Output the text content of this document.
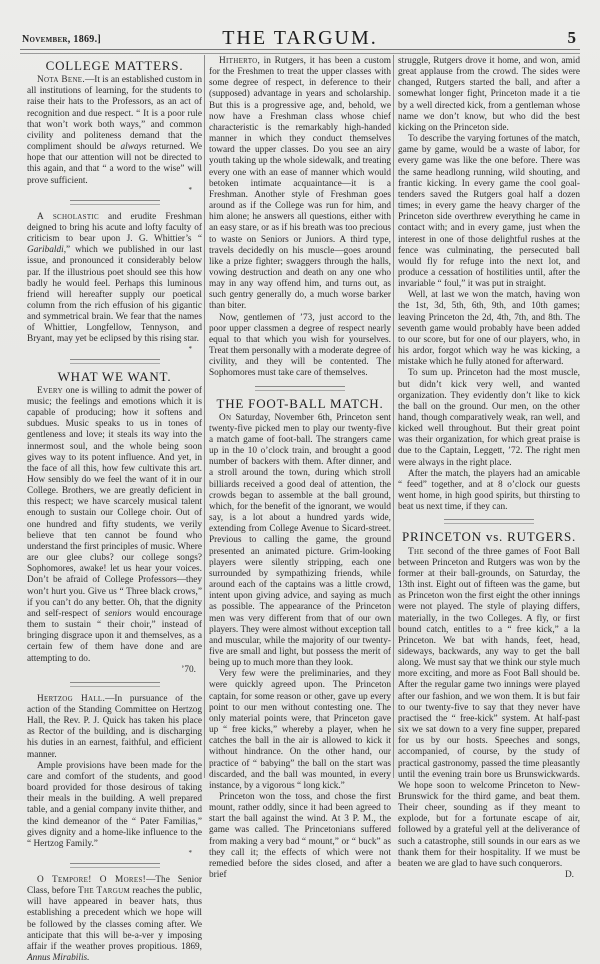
November, 1869.]	THE TARGUM.	5
COLLEGE MATTERS.

Nota Bene.—It is an established custom in all institutions of learning, for the students to raise their hats to the Professors, as an act of recognition and due respect. “ It is a poor rule that won’t work both ways,” and common civility and politeness demand that the compliment should be always returned. We hope that our attention will not be directed to this again, and that “ a word to the wise” will prove sufficient.

*

A scholastic and erudite Freshman deigned to bring his acute and lofty faculty of criticism to bear upon J. G. Whittier’s “ Garibaldi,” which we published in our last issue, and pronounced it considerably below par. If the illustrious poet should see this how badly he would feel. Perhaps this luminous friend will hereafter supply our poetical column from the rich effusion of his gigantic and symmetrical brain. We fear that the names of Whittier, Longfellow, Tennyson, and Bryant, may yet be eclipsed by this rising star.

*
WHAT WE WANT.

Every one is willing to admit the power of music; the feelings and emotions which it is capable of producing; how it softens and subdues. Music speaks to us in tones of gentleness and love; it steals its way into the innermost soul, and the whole being soon gives way to its potent influence. And yet, in the face of all this, how few cultivate this art. How sensibly do we feel the want of it in our College. Brothers, we are greatly deficient in this respect; we have scarcely musical talent enough to sustain our College choir. Out of one hundred and fifty students, we verily believe that ten cannot be found who understand the first principles of music. Where are our glee clubs? our college songs? Sophomores, awake! let us hear your voices. Don’t be afraid of College Professors—they won’t hurt you. Give us “ Three black crows,” if you can’t do any better. Oh, that the dignity and self-respect of seniors would encourage them to sustain “ their choir,” instead of bringing disgrace upon it and themselves, as a certain few of them have done and are attempting to do.

’70.

Hertzog Hall.—In pursuance of the action of the Standing Committee on Hertzog Hall, the Rev. P. J. Quick has taken his place as Rector of the building, and is discharging his duties in an earnest, faithful, and efficient manner.

Ample provisions have been made for the care and comfort of the students, and good board provided for those desirous of taking their meals in the building. A well prepared table, and a genial company invite thither, and the kind demeanor of the “ Pater Familias,” gives dignity and a home-like influence to the “ Hertzog Family.”

*

O Tempore! O Mores!—The Senior Class, before The Targum reaches the public, will have appeared in beaver hats, thus establishing a precedent which we hope will be followed by the classes coming after. We anticipate that this will be-a-ver y imposing affair if the weather proves propitious. 1869, Annus Mirabilis.

Hitherto, in Rutgers, it has been a custom for the Freshmen to treat the upper classes with some degree of respect, in deference to their (supposed) advantage in years and scholarship. But this is a progressive age, and, behold, we now have a Freshman class whose chief characteristic is the remarkably high-handed manner in which they conduct themselves toward the upper classes. Do you see an airy youth taking up the whole sidewalk, and treating every one with an ease of manner which would betoken intimate acquaintance—it is a Freshman. Another style of Freshman goes around as if the College was run for him, and him alone; he answers all questions, either with an easy stare, or as if his breath was too precious to waste on Seniors or Juniors. A third type, travels decidedly on his muscle—goes around like a prize fighter; swaggers through the halls, vowing destruction and death on any one who may in any way offend him, and turns out, as such gentry generally do, a much worse barker than biter.

Now, gentlemen of ’73, just accord to the poor upper classmen a degree of respect nearly equal to that which you wish for yourselves. Treat them personally with a moderate degree of civility, and they will be contented. The Sophomores must take care of themselves.

THE FOOT-BALL MATCH.

On Saturday, November 6th, Princeton sent twenty-five picked men to play our twenty-five a match game of foot-ball. The strangers came up in the 10 o’clock train, and brought a good number of backers with them. After dinner, and a stroll around the town, during which stroll billiards received a good deal of attention, the crowds began to assemble at the ball ground, which, for the benefit of the ignorant, we would say, is a lot about a hundred yards wide, extending from College Avenue to Sicard-street. Previous to calling the game, the ground presented an animated picture. Grim-looking players were silently stripping, each one surrounded by sympathizing friends, while around each of the captains was a little crowd, intent upon giving advice, and saying as much as possible. The appearance of the Princeton men was very different from that of our own players. They were almost without exception tall and muscular, while the majority of our twenty-five are small and light, but possess the merit of being up to much more than they look.

Very few were the preliminaries, and they were quickly agreed upon. The Princeton captain, for some reason or other, gave up every point to our men without contesting one. The only material points were, that Princeton gave up “ free kicks,” whereby a player, when he catches the ball in the air is allowed to kick it without hindrance. On the other hand, our practice of “ babying” the ball on the start was discarded, and the ball was mounted, in every instance, by a vigorous “ long kick.”

Princeton won the toss, and chose the first mount, rather oddly, since it had been agreed to start the ball against the wind. At 3 P. M., the game was called. The Princetonians suffered from making a very bad “ mount,” or “ buck” as they call it; the effects of which were not remedied before the sides closed, and after a brief

struggle, Rutgers drove it home, and won, amid great applause from the crowd. The sides were changed, Rutgers started the ball, and after a somewhat longer fight, Princeton made it a tie by a well directed kick, from a gentleman whose name we don’t know, but who did the best kicking on the Princeton side.

To describe the varying fortunes of the match, game by game, would be a waste of labor, for every game was like the one before. There was the same headlong running, wild shouting, and frantic kicking. In every game the cool goal-tenders saved the Rutgers goal half a dozen times; in every game the heavy charger of the Princeton side overthrew everything he came in contact with; and in every game, just when the interest in one of those delightful rushes at the fence was culminating, the persecuted ball would fly for refuge into the next lot, and produce a cessation of hostilities until, after the invariable “ foul,” it was put in straight.

Well, at last we won the match, having won the 1st, 3d, 5th, 6th, 9th, and 10th games; leaving Princeton the 2d, 4th, 7th, and 8th. The seventh game would probably have been added to our score, but for one of our players, who, in his ardor, forgot which way he was kicking, a mistake which he fully atoned for afterward.

To sum up. Princeton had the most muscle, but didn’t kick very well, and wanted organization. They evidently don’t like to kick the ball on the ground. Our men, on the other hand, though comparatively weak, ran well, and kicked well throughout. But their great point was their organization, for which great praise is due to the Captain, Leggett, ’72. The right men were always in the right place.

After the match, the players had an amicable “ feed” together, and at 8 o’clock our guests went home, in high good spirits, but thirsting to beat us next time, if they can.

PRINCETON vs. RUTGERS.

The second of the three games of Foot Ball between Princeton and Rutgers was won by the former at their ball-grounds, on Saturday, the 13th inst. Eight out of fifteen was the game, but as Princeton won the first eight the other innings were not played. The style of playing differs, materially, in the two Colleges. A fly, or first bound catch, entitles to a “ free kick,” a la Princeton. We bat with hands, feet, head, sideways, backwards, any way to get the ball along. We must say that we think our style much more exciting, and more as Foot Ball should be. After the regular game two innings were played after our fashion, and we won them. It is but fair to our twenty-five to say that they never have practised the “ free-kick” system. At half-past six we sat down to a very fine supper, prepared for us by our hosts. Speeches and songs, accompanied, of course, by the study of practical gastronomy, passed the time pleasantly until the evening train bore us Brunswickwards. We hope soon to welcome Princeton to New-Brunswick for the third game, and beat them. Their cheer, sounding as if they meant to explode, but for a fortunate escape of air, followed by a grateful yell at the deliverance of such a catastrophe, still sounds in our ears as we thank them for their hospitality. If we must be beaten we are glad to have such conquerors.

D.
